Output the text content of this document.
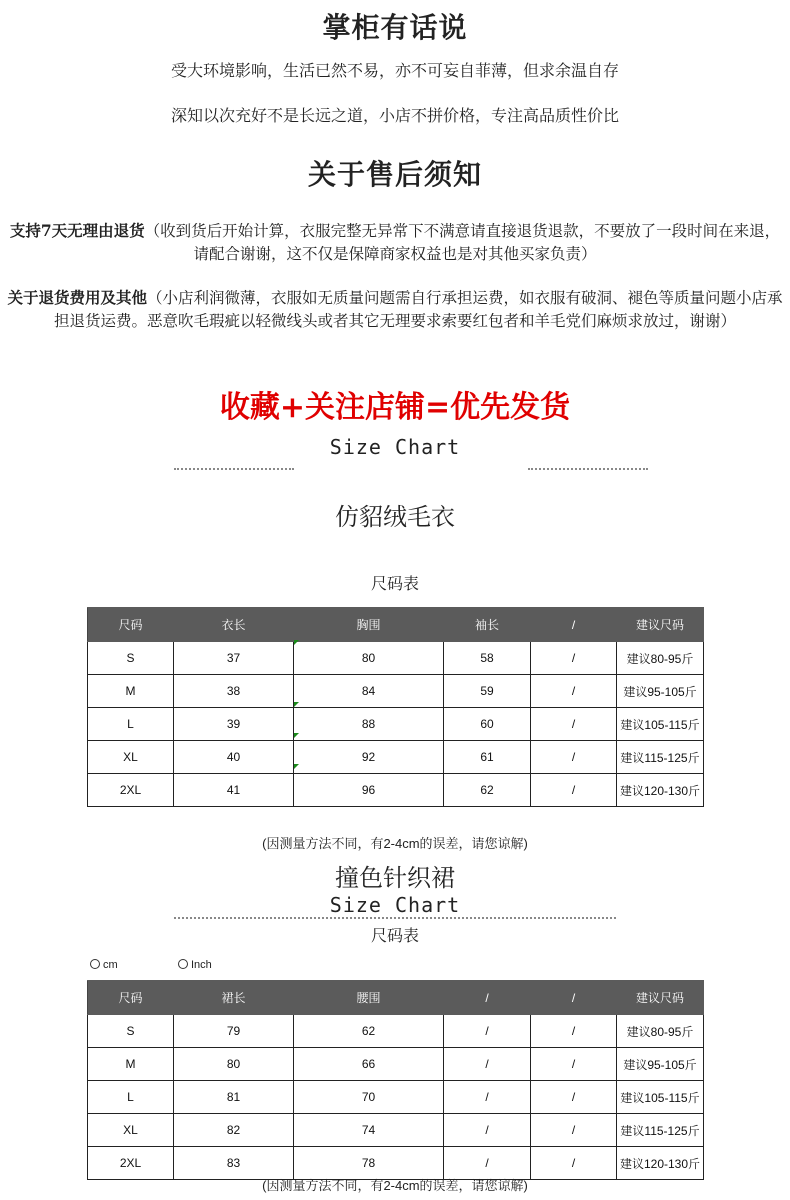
掌柜有话说
受大环境影响，生活已然不易，亦不可妄自菲薄，但求余温自存
深知以次充好不是长远之道，小店不拼价格，专注高品质性价比
关于售后须知
支持7天无理由退货（收到货后开始计算，衣服完整无异常下不满意请直接退货退款，不要放了一段时间在来退，请配合谢谢，这不仅是保障商家权益也是对其他买家负责）
关于退货费用及其他（小店利润微薄，衣服如无质量问题需自行承担运费，如衣服有破洞、褪色等质量问题小店承担退货运费。恶意吹毛瑕疵以轻微线头或者其它无理要求索要红包者和羊毛党们麻烦求放过，谢谢）
收藏+关注店铺=优先发货
Size Chart
仿貂绒毛衣
尺码表
尺码	衣长	胸围	袖长	/	建议尺码
S	37	80	58	/	建议80-95斤
M	38	84	59	/	建议95-105斤
L	39	88	60	/	建议105-115斤
XL	40	92	61	/	建议115-125斤
2XL	41	96	62	/	建议120-130斤
(因测量方法不同，有2-4cm的误差，请您谅解)
撞色针织裙
Size Chart
尺码表
cm	Inch
尺码	裙长	腰围	/	/	建议尺码
S	79	62	/	/	建议80-95斤
M	80	66	/	/	建议95-105斤
L	81	70	/	/	建议105-115斤
XL	82	74	/	/	建议115-125斤
2XL	83	78	/	/	建议120-130斤
(因测量方法不同，有2-4cm的误差，请您谅解)
